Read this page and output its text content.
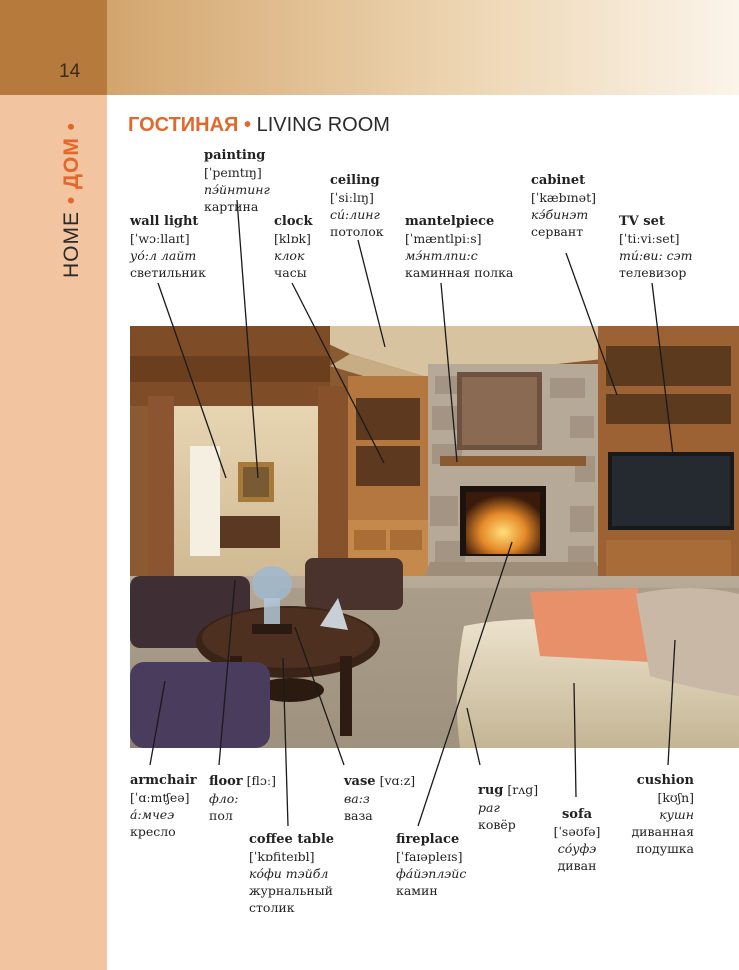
14
HOME • ДОМ • ГОСТИНАЯ • LIVING ROOM
painting
[ˈpeɪntɪŋ]
пэ́йнтинг
картина
ceiling
[ˈsiːlɪŋ]
си́:линг
потолок
cabinet
[ˈkæbɪnət]
кэ́бинэт
сервант
wall light
[ˈwɔːllaɪt]
уо́:л лайт
светильник
clock
[klɒk]
клок
часы
mantelpiece
[ˈmæntlpiːs]
мэ́нтлпи:с
каминная полка
TV set
[ˈtiːviːset]
ти́:ви: сэт
телевизор
armchair
[ˈɑːmʧeə]
а́:мчеэ
кресло
floor [flɔː]
фло:
пол
vase [vɑːz]
ва:з
ваза
rug [rʌg]
раг
ковёр
cushion
[kʊʃn]
кушн
диванная
подушка
coffee table
[ˈkɒfiteɪbl]
ко́фи тэйбл
журнальный
столик
fireplace
[ˈfaɪəpleɪs]
фа́йэплэйс
камин
sofa
[ˈsəʊfə]
со́уфэ
диван
